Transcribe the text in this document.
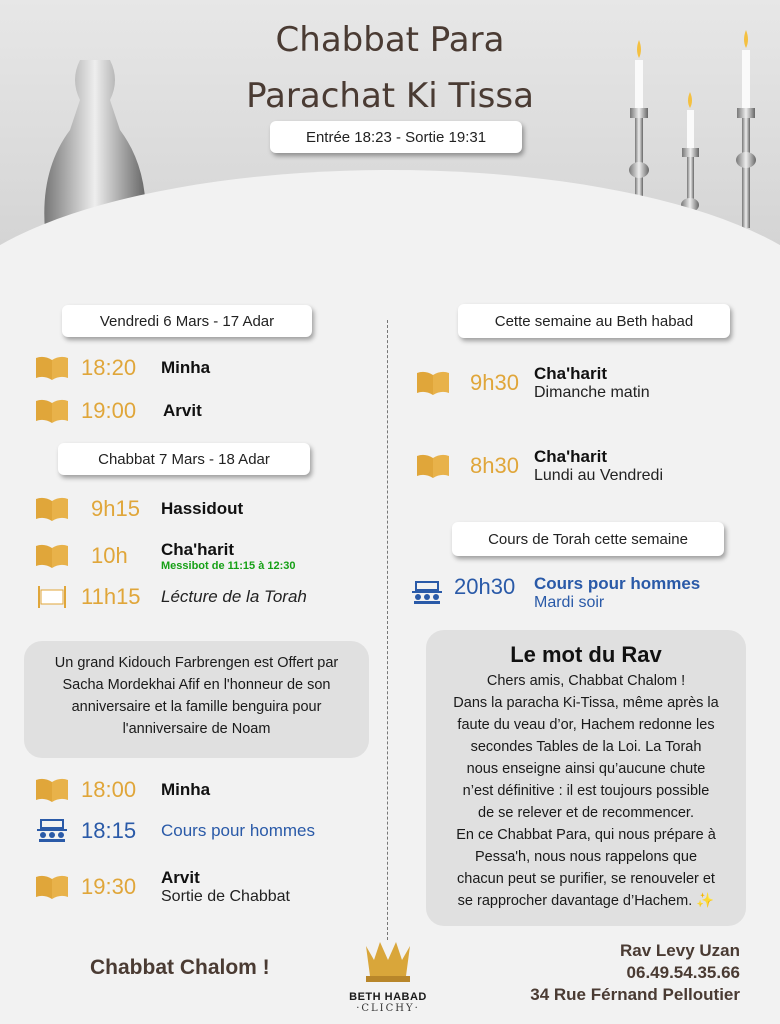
Chabbat Para
Parachat Ki Tissa
Entrée 18:23 - Sortie 19:31
Vendredi 6 Mars - 17 Adar
18:20	Minha
19:00	Arvit
Chabbat 7 Mars - 18 Adar
9h15	Hassidout
10h	Cha'harit
Messibot de 11:15 à 12:30
11h15	Lécture de la Torah
Un grand Kidouch Farbrengen est Offert par Sacha Mordekhai Afif en l'honneur de son anniversaire et la famille benguira pour l'anniversaire de Noam
18:00	Minha
18:15	Cours pour hommes
19:30	Arvit
Sortie de Chabbat
Cette semaine au Beth habad
9h30 Cha'harit
Dimanche matin
8h30 Cha'harit
Lundi au Vendredi
Cours de Torah cette semaine
20h30	Cours pour hommes
Mardi soir
Le mot du Rav
Chers amis, Chabbat Chalom !
Dans la paracha Ki-Tissa, même après la
faute du veau d’or, Hachem redonne les
secondes Tables de la Loi. La Torah
nous enseigne ainsi qu’aucune chute
n’est définitive : il est toujours possible
de se relever et de recommencer.
En ce Chabbat Para, qui nous prépare à
Pessa'h, nous nous rappelons que
chacun peut se purifier, se renouveler et
se rapprocher davantage d’Hachem. ✨
Chabbat Chalom !
BETH HABAD
·CLICHY·
Rav Levy Uzan
06.49.54.35.66
34 Rue Férnand Pelloutier
